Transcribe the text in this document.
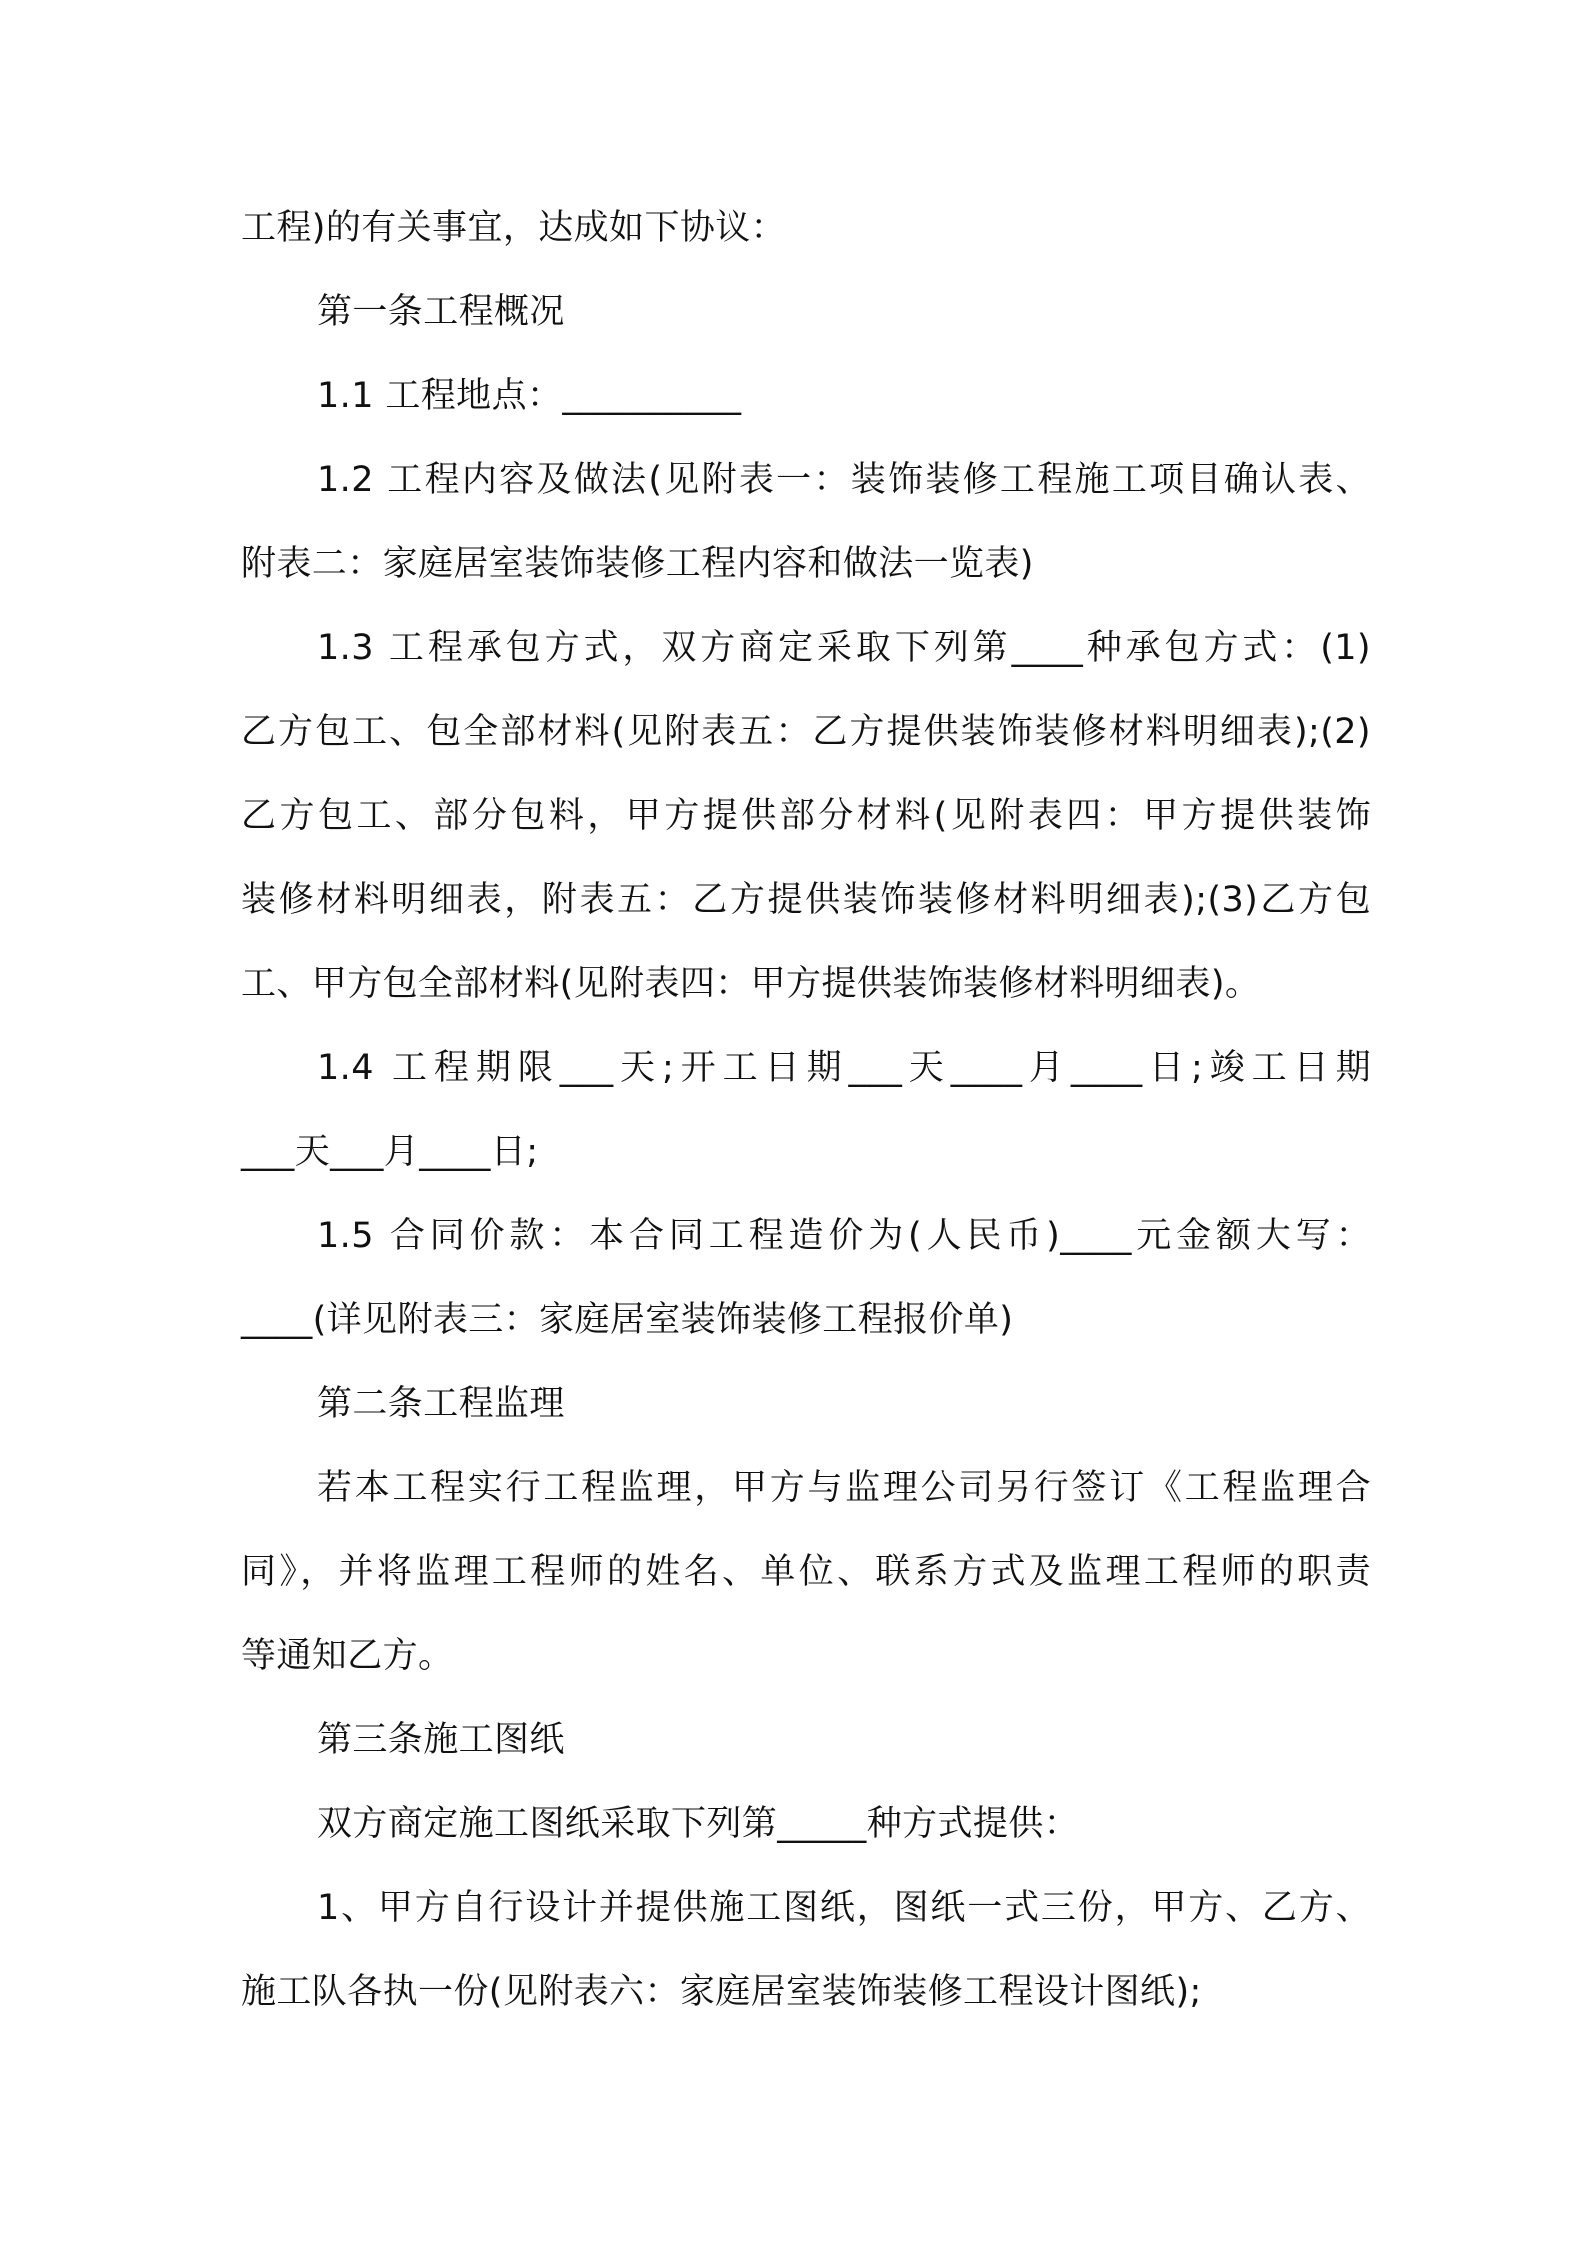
工程)的有关事宜，达成如下协议：
第一条工程概况
1.1 工程地点：__________
1.2 工程内容及做法(见附表一：装饰装修工程施工项目确认表、
附表二：家庭居室装饰装修工程内容和做法一览表)
1.3 工程承包方式，双方商定采取下列第____种承包方式：(1)
乙方包工、包全部材料(见附表五：乙方提供装饰装修材料明细表);(2)
乙方包工、部分包料，甲方提供部分材料(见附表四：甲方提供装饰
装修材料明细表，附表五：乙方提供装饰装修材料明细表);(3)乙方包
工、甲方包全部材料(见附表四：甲方提供装饰装修材料明细表)。
1.4 工程期限___天;开工日期___天____月____日;竣工日期
___天___月____日;
1.5 合同价款：本合同工程造价为(人民币)____元金额大写：
____(详见附表三：家庭居室装饰装修工程报价单)
第二条工程监理
若本工程实行工程监理，甲方与监理公司另行签订《工程监理合
同》，并将监理工程师的姓名、单位、联系方式及监理工程师的职责
等通知乙方。
第三条施工图纸
双方商定施工图纸采取下列第_____种方式提供：
1、甲方自行设计并提供施工图纸，图纸一式三份，甲方、乙方、
施工队各执一份(见附表六：家庭居室装饰装修工程设计图纸);
